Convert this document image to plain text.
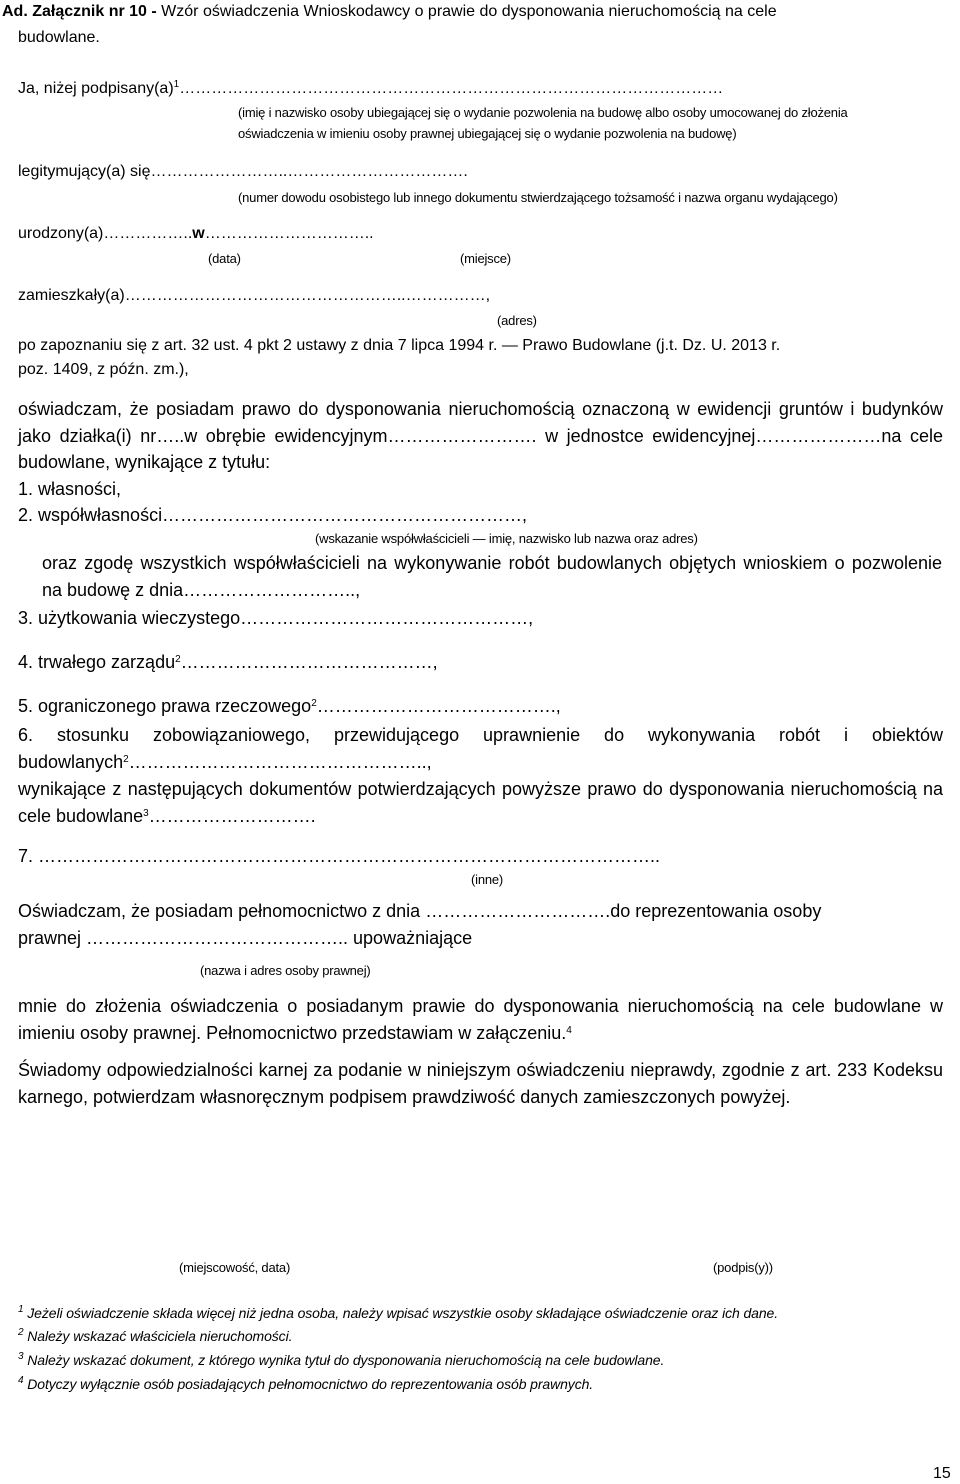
Ad. Załącznik nr 10 - Wzór oświadczenia Wnioskodawcy o prawie do dysponowania nieruchomością na cele
budowlane.
Ja, niżej $podpisany(a)^1\dots\dots\dots\dots\dots\dots\dots\dots\dots\dots\dots\dots\dots\dots\dots\dots\dots\dots\dots\dots\dots\dots\dots\dots\dots\dots\dots\dots\dots\dots\dots\dots\dots\dots$
(imię i nazwisko osoby ubiegającej się o wydanie pozwolenia na budowę albo osoby umocowanej do złożenia
oświadczenia w imieniu osoby prawnej ubiegającej się o wydanie pozwolenia na budowę)
legitymujący(a) się……………………..…………………………….
(numer dowodu osobistego lub innego dokumentu stwierdzającego tożsamość i nazwa organu wydającego)
urodzony(a)……………..w…………………………..
(data)	(miejsce)
zamieszkały(a)……………………………………………..……………,
(adres)
po zapoznaniu się z art. 32 ust. 4 pkt 2 ustawy z dnia 7 lipca 1994 r. — Prawo Budowlane (j.t. Dz. U. 2013 r.
poz. 1409, z późn. zm.),
oświadczam, że posiadam prawo do dysponowania nieruchomością oznaczoną w ewidencji gruntów i budynków jako działka(i) nr…..w obrębie ewidencyjnym……………………. w jednostce ewidencyjnej…………………na cele budowlane, wynikające z tytułu:
1. własności,
2. współwłasności……………………………………………………,
(wskazanie współwłaścicieli — imię, nazwisko lub nazwa oraz adres)
oraz zgodę wszystkich współwłaścicieli na wykonywanie robót budowlanych objętych wnioskiem o pozwolenie na budowę z dnia………………………..,
3. użytkowania wieczystego…………………………………………,
4. trwałego zarządu$^2$……………………………………,
5. ograniczonego prawa rzeczowego$^2$………………………………….,
6. stosunku zobowiązaniowego, przewidującego uprawnienie do wykonywania robót i obiektów budowlanych$^2$…………………………………………..,
wynikające z następujących dokumentów potwierdzających powyższe prawo do dysponowania nieruchomością na cele budowlane$^3$……………………….
7. …………………………………………………………………………………………..
(inne)
Oświadczam, że posiadam pełnomocnictwo z dnia ………………………….do reprezentowania osoby
prawnej …………………………………….. upoważniające
(nazwa i adres osoby prawnej)
mnie do złożenia oświadczenia o posiadanym prawie do dysponowania nieruchomością na cele budowlane w imieniu osoby prawnej. Pełnomocnictwo przedstawiam w załączeniu.$^4$
Świadomy odpowiedzialności karnej za podanie w niniejszym oświadczeniu nieprawdy, zgodnie z art. 233 Kodeksu karnego, potwierdzam własnoręcznym podpisem prawdziwość danych zamieszczonych powyżej.
(miejscowość, data)	(podpis(y))
$^1$ Jeżeli oświadczenie składa więcej niż jedna osoba, należy wpisać wszystkie osoby składające oświadczenie oraz ich dane.
$^2$ Należy wskazać właściciela nieruchomości.
$^3$ Należy wskazać dokument, z którego wynika tytuł do dysponowania nieruchomością na cele budowlane.
$^4$ Dotyczy wyłącznie osób posiadających pełnomocnictwo do reprezentowania osób prawnych.
15
